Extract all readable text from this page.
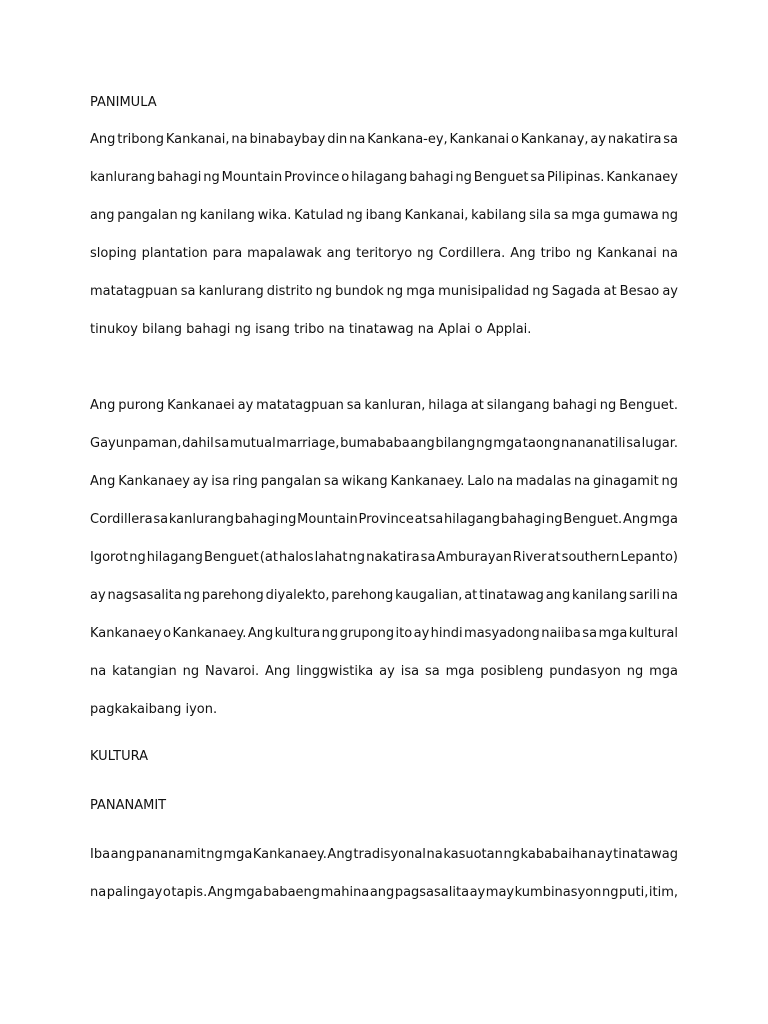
PANIMULA
Ang tribong Kankanai, na binabaybay din na Kankana-ey, Kankanai o Kankanay, ay nakatira sa
kanlurang bahagi ng Mountain Province o hilagang bahagi ng Benguet sa Pilipinas. Kankanaey
ang pangalan ng kanilang wika. Katulad ng ibang Kankanai, kabilang sila sa mga gumawa ng
sloping plantation para mapalawak ang teritoryo ng Cordillera. Ang tribo ng Kankanai na
matatagpuan sa kanlurang distrito ng bundok ng mga munisipalidad ng Sagada at Besao ay
tinukoy bilang bahagi ng isang tribo na tinatawag na Aplai o Applai.
Ang purong Kankanaei ay matatagpuan sa kanluran, hilaga at silangang bahagi ng Benguet.
Gayunpaman, dahil sa mutual marriage, bumababa ang bilang ng mga taong nananatili sa lugar.
Ang Kankanaey ay isa ring pangalan sa wikang Kankanaey. Lalo na madalas na ginagamit ng
Cordillera sa kanlurang bahagi ng Mountain Province at sa hilagang bahagi ng Benguet. Ang mga
Igorot ng hilagang Benguet (at halos lahat ng nakatira sa Amburayan River at southern Lepanto)
ay nagsasalita ng parehong diyalekto, parehong kaugalian, at tinatawag ang kanilang sarili na
Kankanaey o Kankanaey. Ang kultura ng grupong ito ay hindi masyadong naiiba sa mga kultural
na katangian ng Navaroi. Ang linggwistika ay isa sa mga posibleng pundasyon ng mga
pagkakaibang iyon.
KULTURA
PANANAMIT
Iba ang pananamit ng mga Kankanaey. Ang tradisyonal na kasuotan ng kababaihan ay tinatawag
na palingay o tapis. Ang mga babaeng mahina ang pagsasalita ay may kumbinasyon ng puti, itim,
